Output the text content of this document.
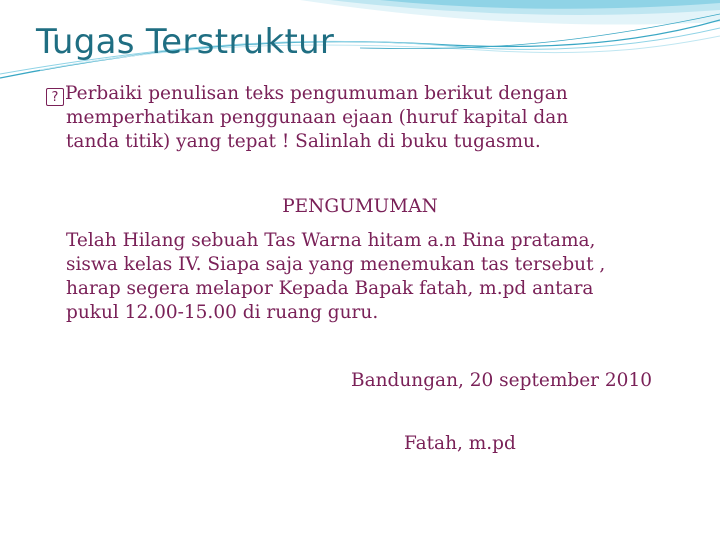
Tugas Terstruktur
? Perbaiki penulisan teks pengumuman berikut dengan
memperhatikan penggunaan ejaan (huruf kapital dan
tanda titik) yang tepat ! Salinlah di buku tugasmu.
PENGUMUMAN
Telah Hilang sebuah Tas Warna hitam a.n Rina pratama,
siswa kelas IV. Siapa saja yang menemukan tas tersebut ,
harap segera melapor Kepada Bapak fatah, m.pd antara
pukul 12.00-15.00 di ruang guru.
Bandungan, 20 september 2010
Fatah, m.pd
